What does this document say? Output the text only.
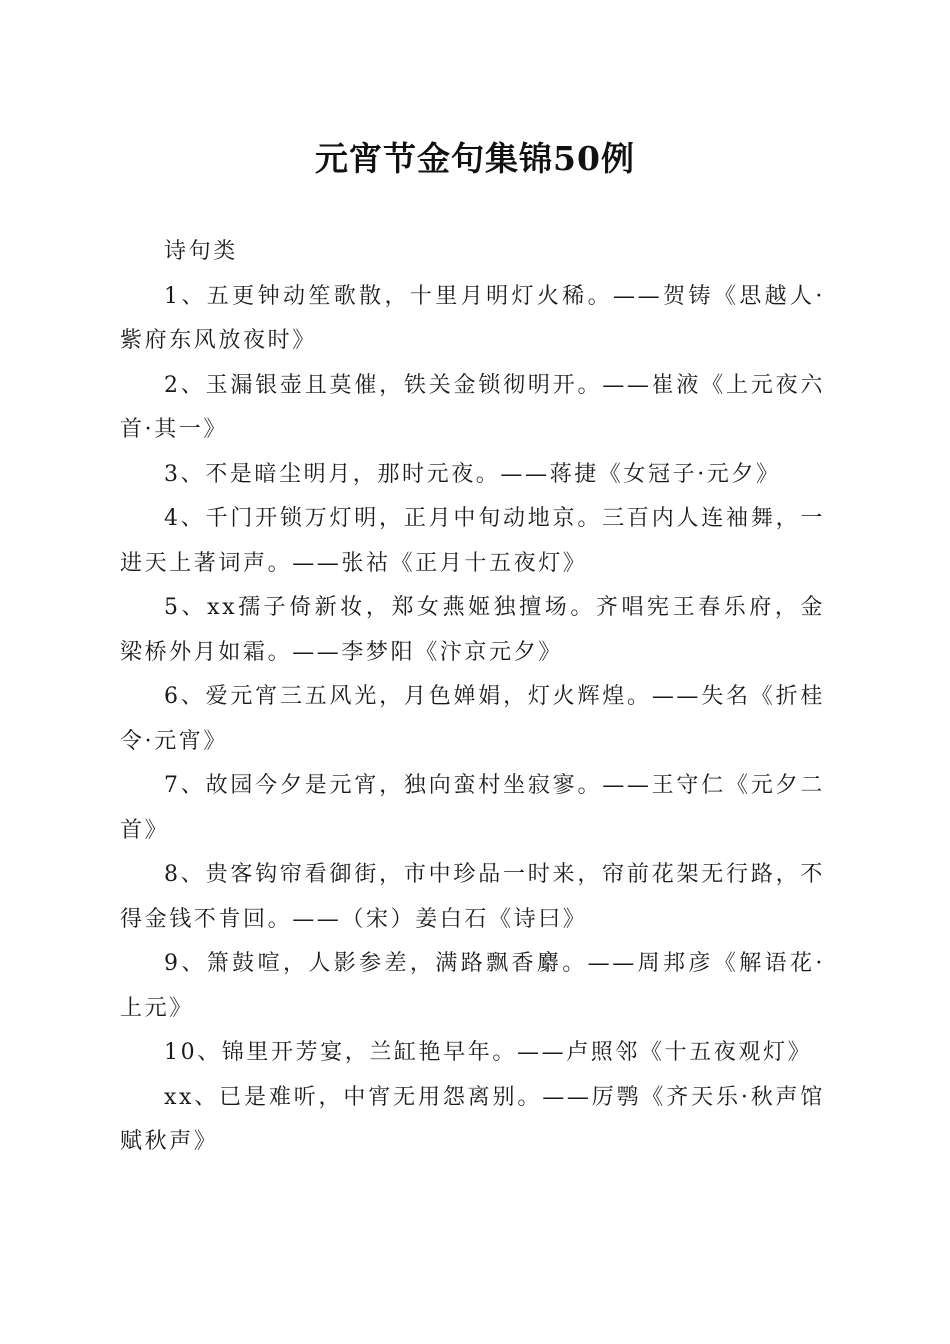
元宵节金句集锦50例

诗句类

1、五更钟动笙歌散，十里月明灯火稀。——贺铸《思越人·紫府东风放夜时》

2、玉漏银壶且莫催，铁关金锁彻明开。——崔液《上元夜六首·其一》

3、不是暗尘明月，那时元夜。——蒋捷《女冠子·元夕》

4、千门开锁万灯明，正月中旬动地京。三百内人连袖舞，一进天上著词声。——张祜《正月十五夜灯》

5、xx孺子倚新妆，郑女燕姬独擅场。齐唱宪王春乐府，金梁桥外月如霜。——李梦阳《汴京元夕》

6、爱元宵三五风光，月色婵娟，灯火辉煌。——失名《折桂令·元宵》

7、故园今夕是元宵，独向蛮村坐寂寥。——王守仁《元夕二首》

8、贵客钩帘看御街，市中珍品一时来，帘前花架无行路，不得金钱不肯回。——（宋）姜白石《诗曰》

9、箫鼓喧，人影参差，满路飘香麝。——周邦彦《解语花·上元》

10、锦里开芳宴，兰缸艳早年。——卢照邻《十五夜观灯》

xx、已是难听，中宵无用怨离别。——厉鹗《齐天乐·秋声馆赋秋声》
